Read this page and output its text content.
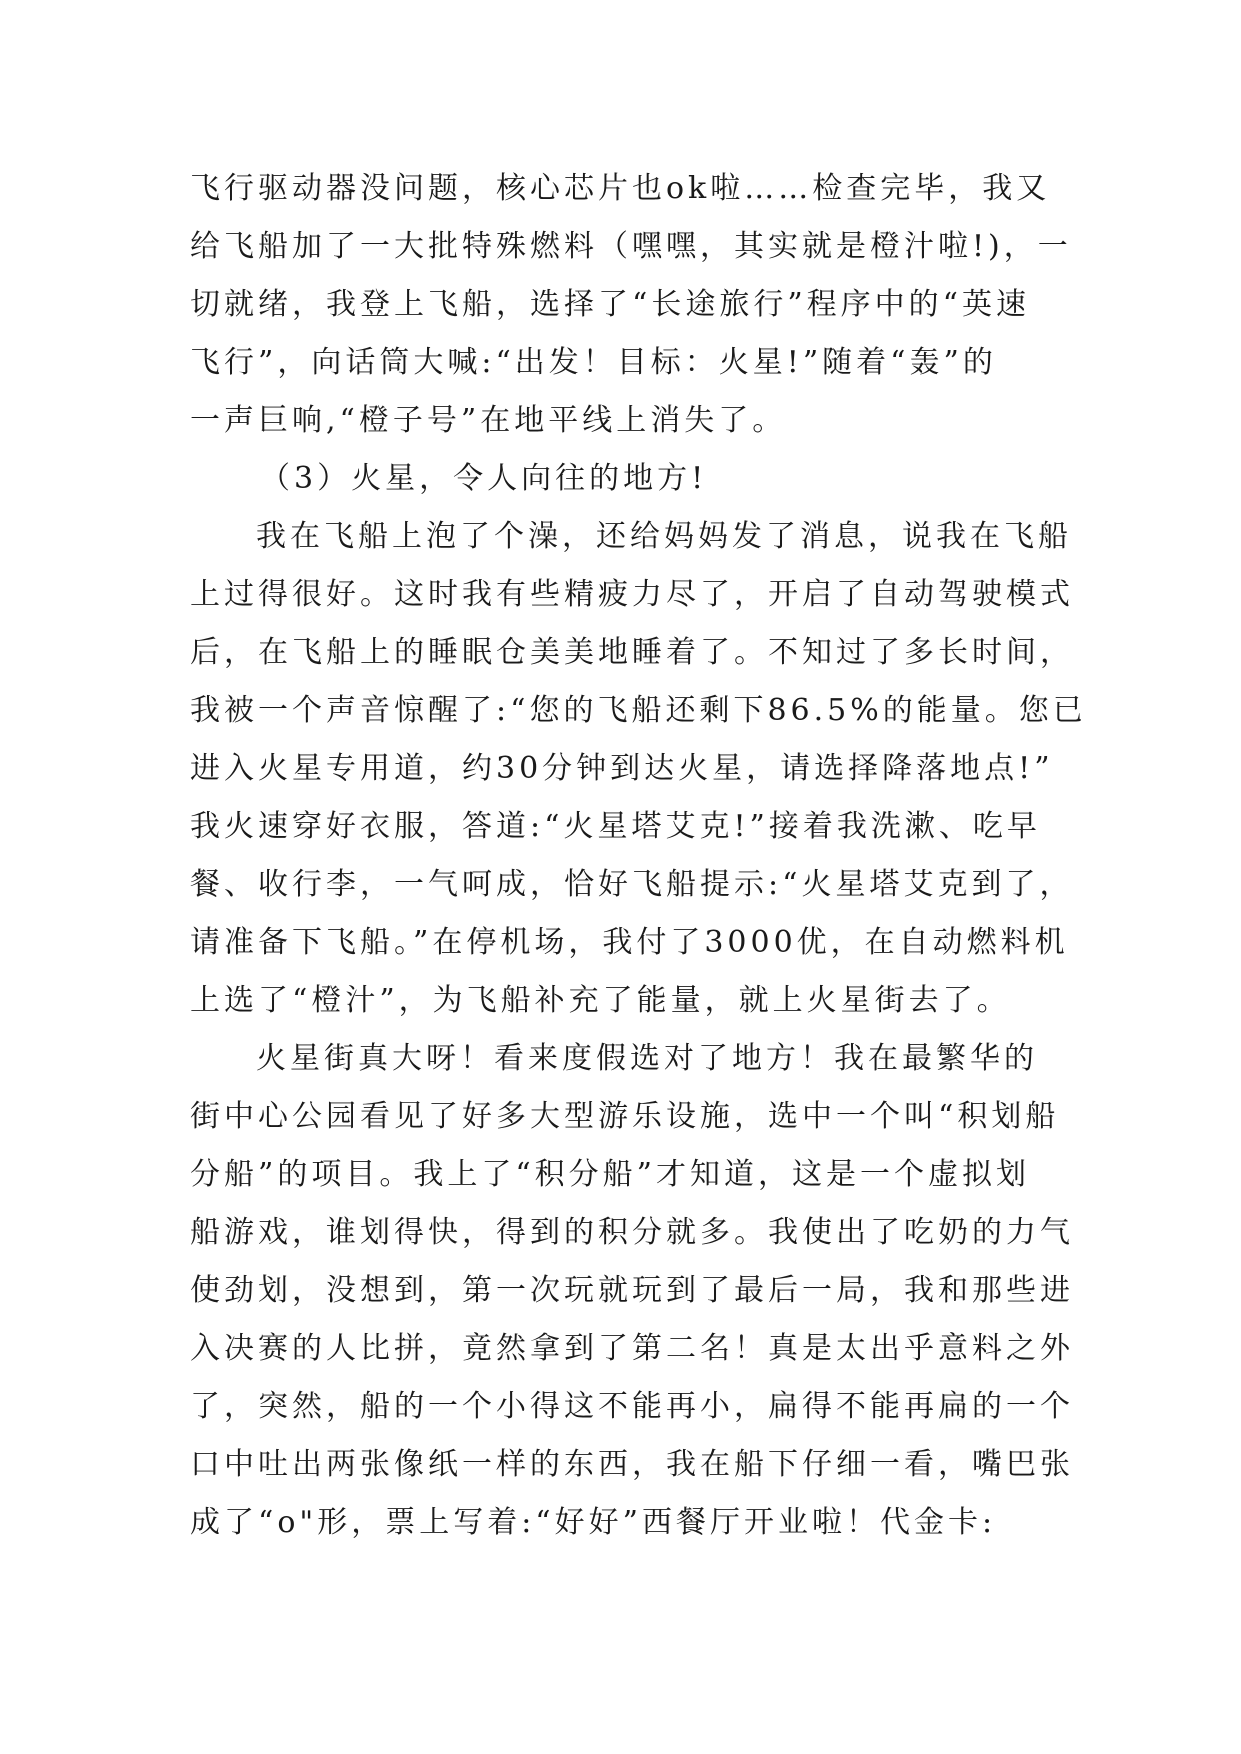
飞行驱动器没问题，核心芯片也ok啦……检查完毕，我又

给飞船加了一大批特殊燃料（嘿嘿，其实就是橙汁啦!)，一

切就绪，我登上飞船，选择了“长途旅行”程序中的“英速

飞行”，向话筒大喊:“出发！目标：火星!”随着“轰”的

一声巨响,“橙子号”在地平线上消失了。

（3）火星，令人向往的地方!

我在飞船上泡了个澡，还给妈妈发了消息，说我在飞船

上过得很好。这时我有些精疲力尽了，开启了自动驾驶模式

后，在飞船上的睡眠仓美美地睡着了。不知过了多长时间，

我被一个声音惊醒了:“您的飞船还剩下86.5%的能量。您已

进入火星专用道，约30分钟到达火星，请选择降落地点!”

我火速穿好衣服，答道:“火星塔艾克!”接着我洗漱、吃早

餐、收行李，一气呵成，恰好飞船提示:“火星塔艾克到了，

请准备下飞船。”在停机场，我付了3000优，在自动燃料机

上选了“橙汁”，为飞船补充了能量，就上火星街去了。

火星街真大呀！看来度假选对了地方！我在最繁华的

街中心公园看见了好多大型游乐设施，选中一个叫“积划船

分船”的项目。我上了“积分船”才知道，这是一个虚拟划

船游戏，谁划得快，得到的积分就多。我使出了吃奶的力气

使劲划，没想到，第一次玩就玩到了最后一局，我和那些进

入决赛的人比拼，竟然拿到了第二名！真是太出乎意料之外

了，突然，船的一个小得这不能再小，扁得不能再扁的一个

口中吐出两张像纸一样的东西，我在船下仔细一看，嘴巴张

成了“o"形，票上写着:“好好”西餐厅开业啦！代金卡:
